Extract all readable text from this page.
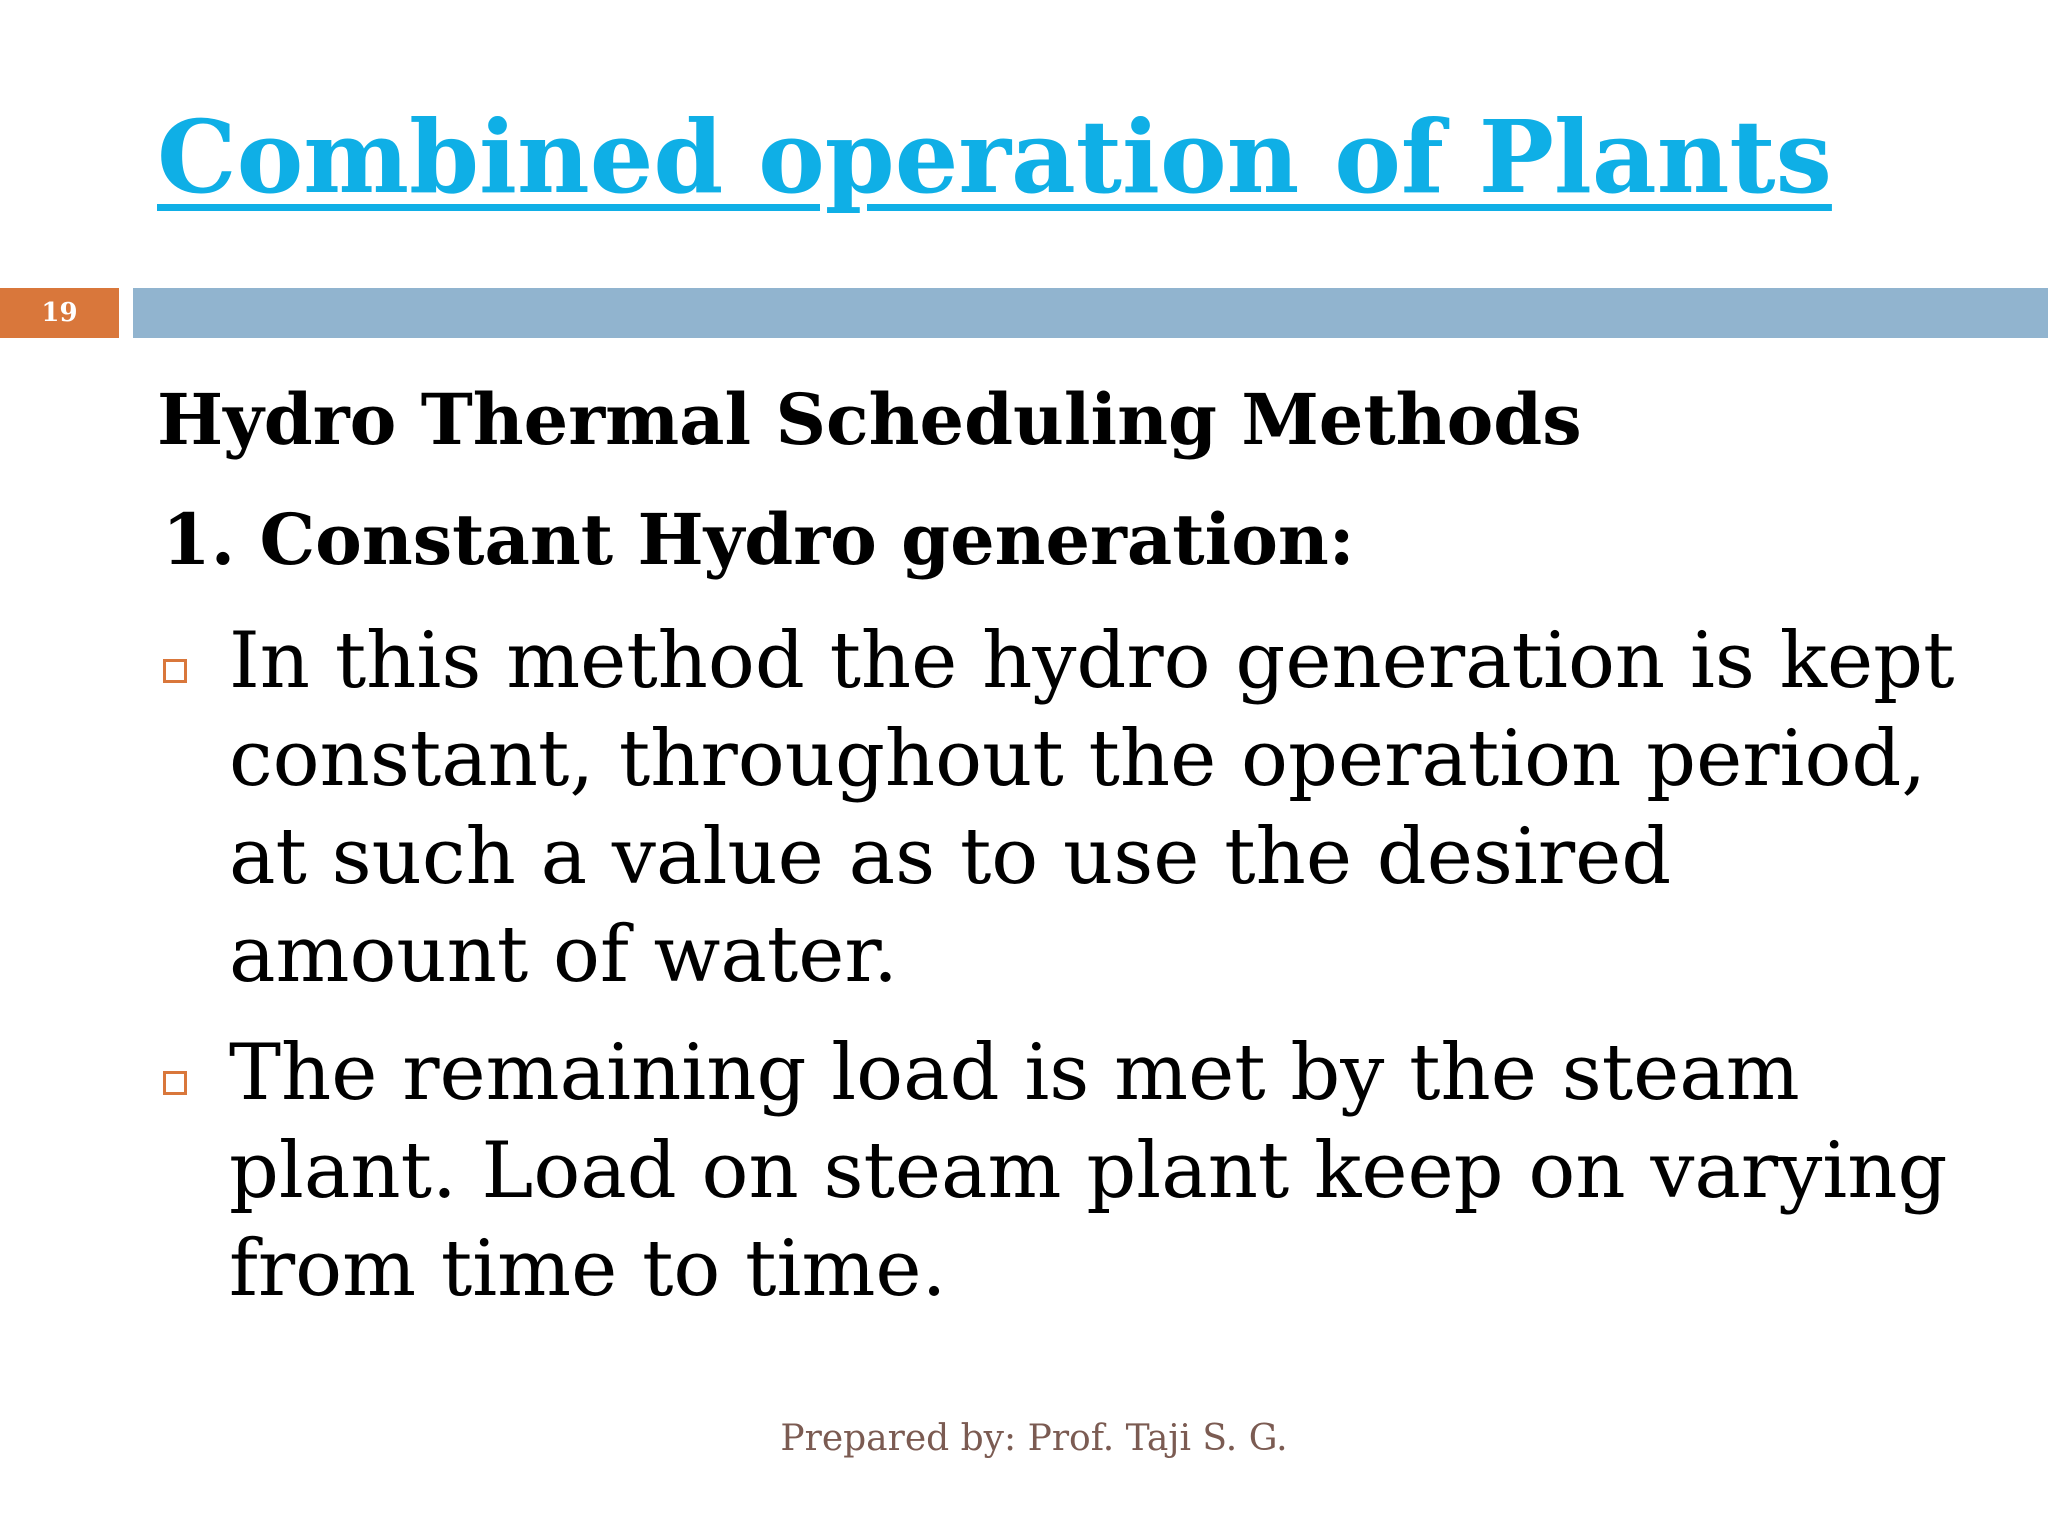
Combined operation of Plants
19
Hydro Thermal Scheduling Methods
1. Constant Hydro generation:
In this method the hydro generation is kept
constant, throughout the operation period,
at such a value as to use the desired
amount of water.
The remaining load is met by the steam
plant. Load on steam plant keep on varying
from time to time.
Prepared by: Prof. Taji S. G.
